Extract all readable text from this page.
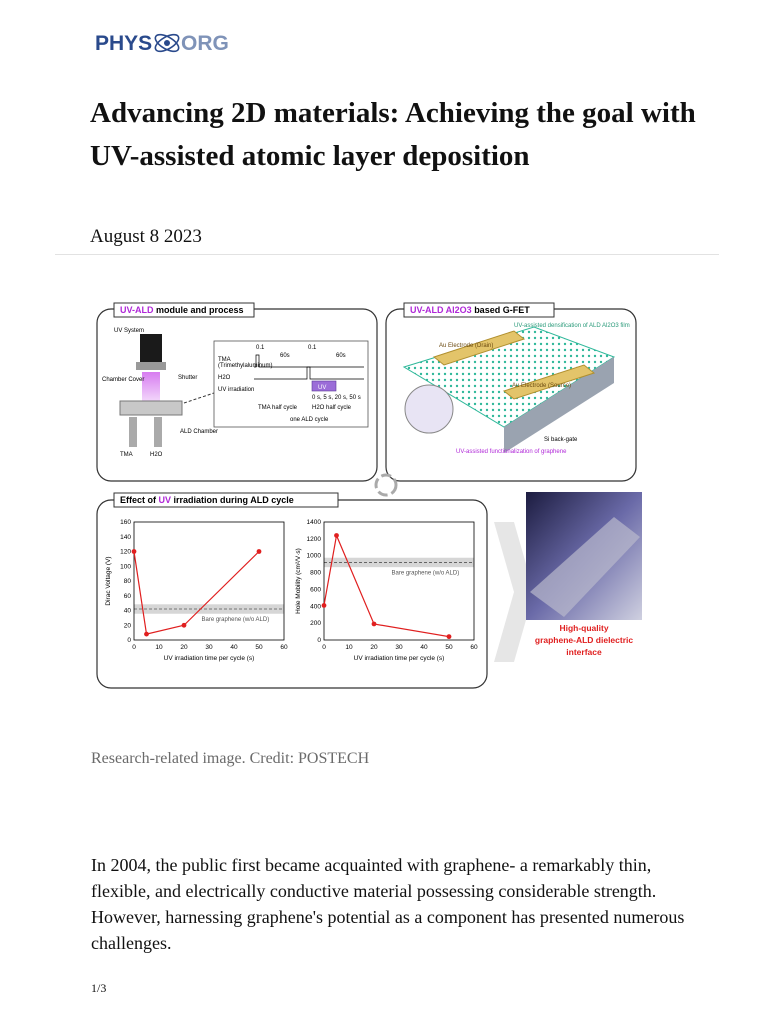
PHYS ORG
Advancing 2D materials: Achieving the goal with UV-assisted atomic layer deposition
August 8 2023
UV-ALD module and process
UV System
Chamber Cover	Shutter
ALD Chamber
TMA	H2O
TMA
(Trimethylaluminum)
H2O
UV irradiation
0.1
60s
0.1
60s
UV
0 s, 5 s, 20 s, 50 s
TMA half cycle H2O half cycle
one ALD cycle
UV-ALD Al2O3 based G-FET
Au Electrode (Drain)
Au Electrode (Source)
Si back-gate
UV-assisted densification of ALD Al2O3 film
UV-assisted functionalization of graphene
Effect of UV irradiation during ALD cycle
Bare graphene (w/o ALD)
0	10	20	30	40	50	60
0
20
40
60
80
100
120
140
160
UV irradiation time per cycle (s)
Dirac Voltage (V)	Bare graphene (w/o ALD)
0	10	20	30	40	50	60
0
200
400
600
800
1000
1200
1400
UV irradiation time per cycle (s)
Hole Mobility (cm²/V·s)
High-quality
graphene-ALD dielectric
interface
Research-related image. Credit: POSTECH

In 2004, the public first became acquainted with graphene- a remarkably thin, flexible, and electrically conductive material possessing considerable strength. However, harnessing graphene's potential as a component has presented numerous challenges.

1/3
